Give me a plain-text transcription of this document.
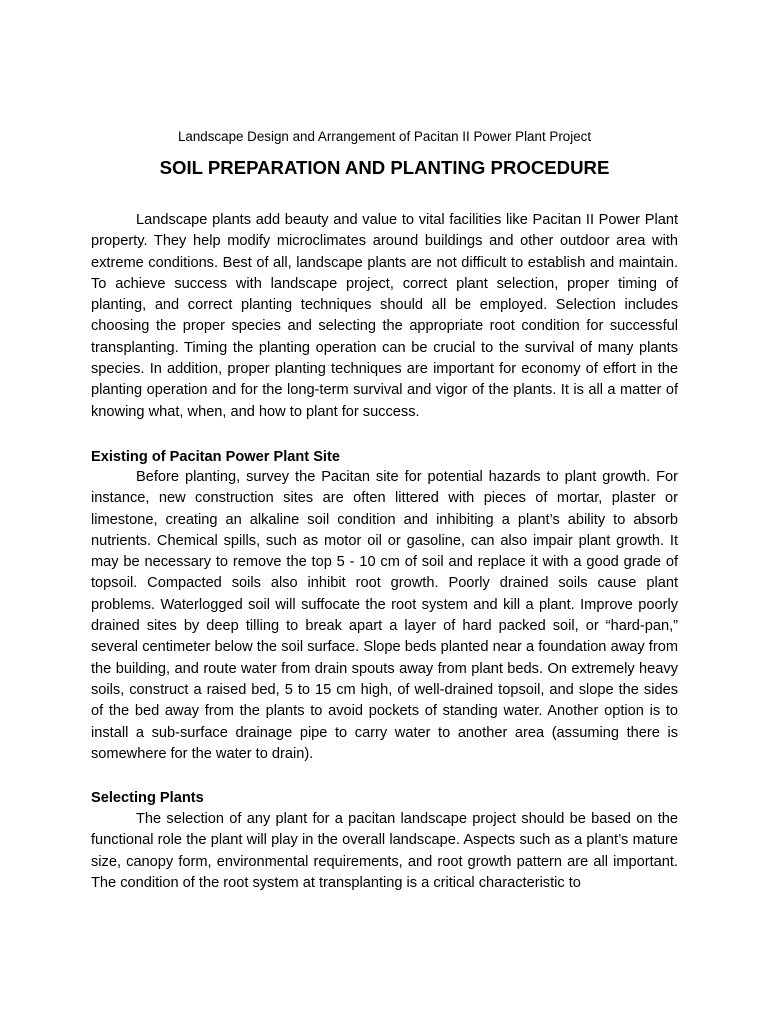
Landscape Design and Arrangement of Pacitan II Power Plant Project
SOIL PREPARATION AND PLANTING PROCEDURE

Landscape plants add beauty and value to vital facilities like Pacitan II Power Plant property. They help modify microclimates around buildings and other outdoor area with extreme conditions. Best of all, landscape plants are not difficult to establish and maintain. To achieve success with landscape project, correct plant selection, proper timing of planting, and correct planting techniques should all be employed. Selection includes choosing the proper species and selecting the appropriate root condition for successful transplanting. Timing the planting operation can be crucial to the survival of many plants species. In addition, proper planting techniques are important for economy of effort in the planting operation and for the long-term survival and vigor of the plants. It is all a matter of knowing what, when, and how to plant for success.

Existing of Pacitan Power Plant Site

Before planting, survey the Pacitan site for potential hazards to plant growth. For instance, new construction sites are often littered with pieces of mortar, plaster or limestone, creating an alkaline soil condition and inhibiting a plant’s ability to absorb nutrients. Chemical spills, such as motor oil or gasoline, can also impair plant growth. It may be necessary to remove the top 5 - 10 cm of soil and replace it with a good grade of topsoil. Compacted soils also inhibit root growth. Poorly drained soils cause plant problems. Waterlogged soil will suffocate the root system and kill a plant. Improve poorly drained sites by deep tilling to break apart a layer of hard packed soil, or “hard-pan,” several centimeter below the soil surface. Slope beds planted near a foundation away from the building, and route water from drain spouts away from plant beds. On extremely heavy soils, construct a raised bed, 5 to 15 cm high, of well-drained topsoil, and slope the sides of the bed away from the plants to avoid pockets of standing water. Another option is to install a sub-surface drainage pipe to carry water to another area (assuming there is somewhere for the water to drain).

Selecting Plants

The selection of any plant for a pacitan landscape project should be based on the functional role the plant will play in the overall landscape. Aspects such as a plant’s mature size, canopy form, environmental requirements, and root growth pattern are all important. The condition of the root system at transplanting is a critical characteristic to
